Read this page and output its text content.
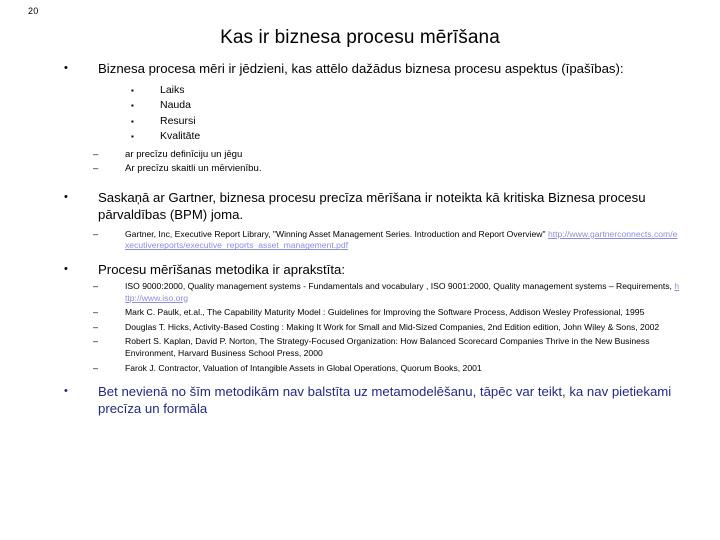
20
Kas ir biznesa procesu mērīšana
•	Biznesa procesa mēri ir jēdzieni, kas attēlo dažādus biznesa procesu aspektus (īpašības):
▪ Laiks
▪ Nauda
▪ Resursi
▪ Kvalitāte
–	ar precīzu definīciju un jēgu
–	Ar precīzu skaitli un mērvienību.
•	Saskaņā ar Gartner, biznesa procesu precīza mērīšana ir noteikta kā kritiska Biznesa procesu pārvaldības (BPM) joma.
–	Gartner, Inc, Executive Report Library, "Winning Asset Management Series. Introduction and Report Overview" http://www.gartnerconnects.com/executivereports/executive_reports_asset_management.pdf
•	Procesu mērīšanas metodika ir aprakstīta:
–	ISO 9000:2000, Quality management systems - Fundamentals and vocabulary , ISO 9001:2000, Quality management systems – Requirements, http://www.iso.org
–	Mark C. Paulk, et.al., The Capability Maturity Model : Guidelines for Improving the Software Process, Addison Wesley Professional, 1995
–	Douglas T. Hicks, Activity-Based Costing : Making It Work for Small and Mid-Sized Companies, 2nd Edition edition, John Wiley & Sons, 2002
–	Robert S. Kaplan, David P. Norton, The Strategy-Focused Organization: How Balanced Scorecard Companies Thrive in the New Business Environment, Harvard Business School Press, 2000
–	Farok J. Contractor, Valuation of Intangible Assets in Global Operations, Quorum Books, 2001
•	Bet nevienā no šīm metodikām nav balstīta uz metamodelēšanu, tāpēc var teikt, ka nav pietiekami precīza un formāla
